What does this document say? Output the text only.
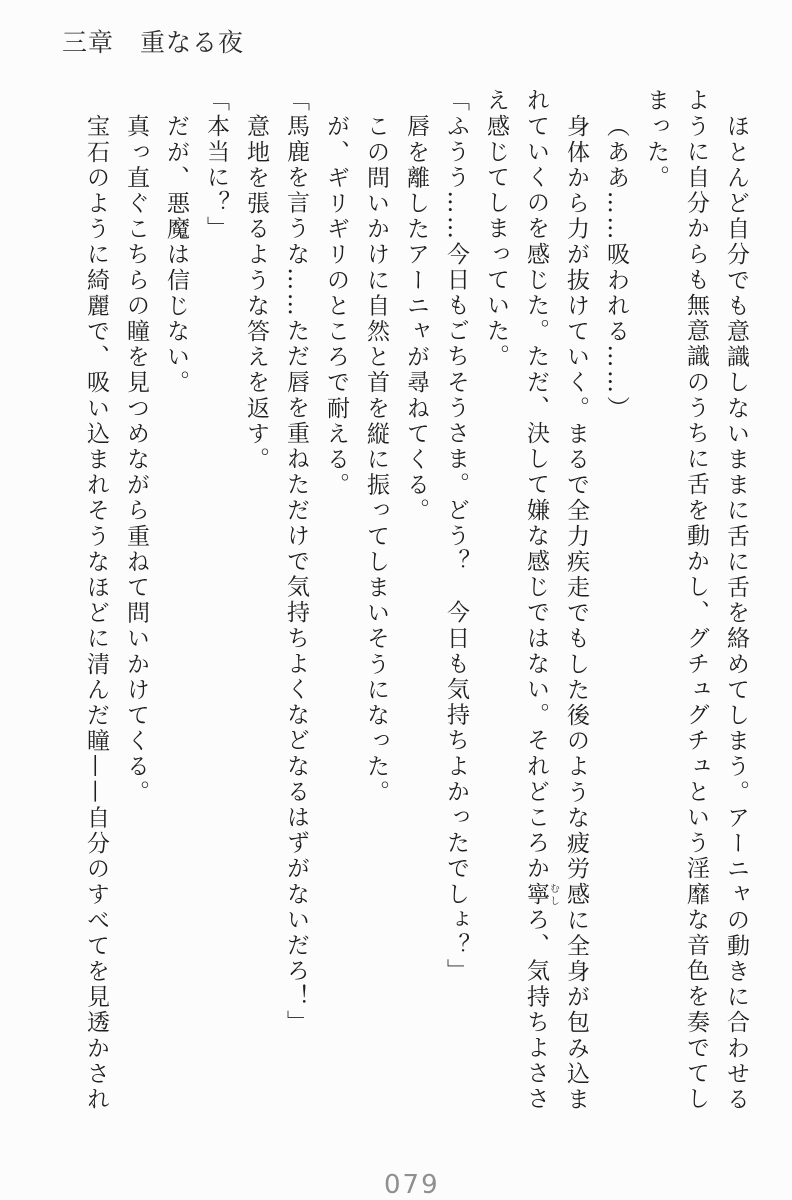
三章　重なる夜

ほとんど自分でも意識しないままに舌に舌を絡めてしまう。アーニャの動きに合わせるように自分からも無意識のうちに舌を動かし、グチュグチュという淫靡な音色を奏でてしまった。

（ああ……吸われる……）

身体から力が抜けていく。まるで全力疾走でもした後のような疲労感に全身が包み込まれていくのを感じた。ただ、決して嫌な感じではない。それどころか寧むしろ、気持ちよささえ感じてしまっていた。

「ふうう……今日もごちそうさま。どう？　今日も気持ちよかったでしょ？」

唇を離したアーニャが尋ねてくる。

この問いかけに自然と首を縦に振ってしまいそうになった。

が、ギリギリのところで耐える。

「馬鹿を言うな……ただ唇を重ねただけで気持ちよくなどなるはずがないだろ！」

意地を張るような答えを返す。

「本当に？」

だが、悪魔は信じない。

真っ直ぐこちらの瞳を見つめながら重ねて問いかけてくる。

宝石のように綺麗で、吸い込まれそうなほどに清んだ瞳——自分のすべてを見透かされ

079
